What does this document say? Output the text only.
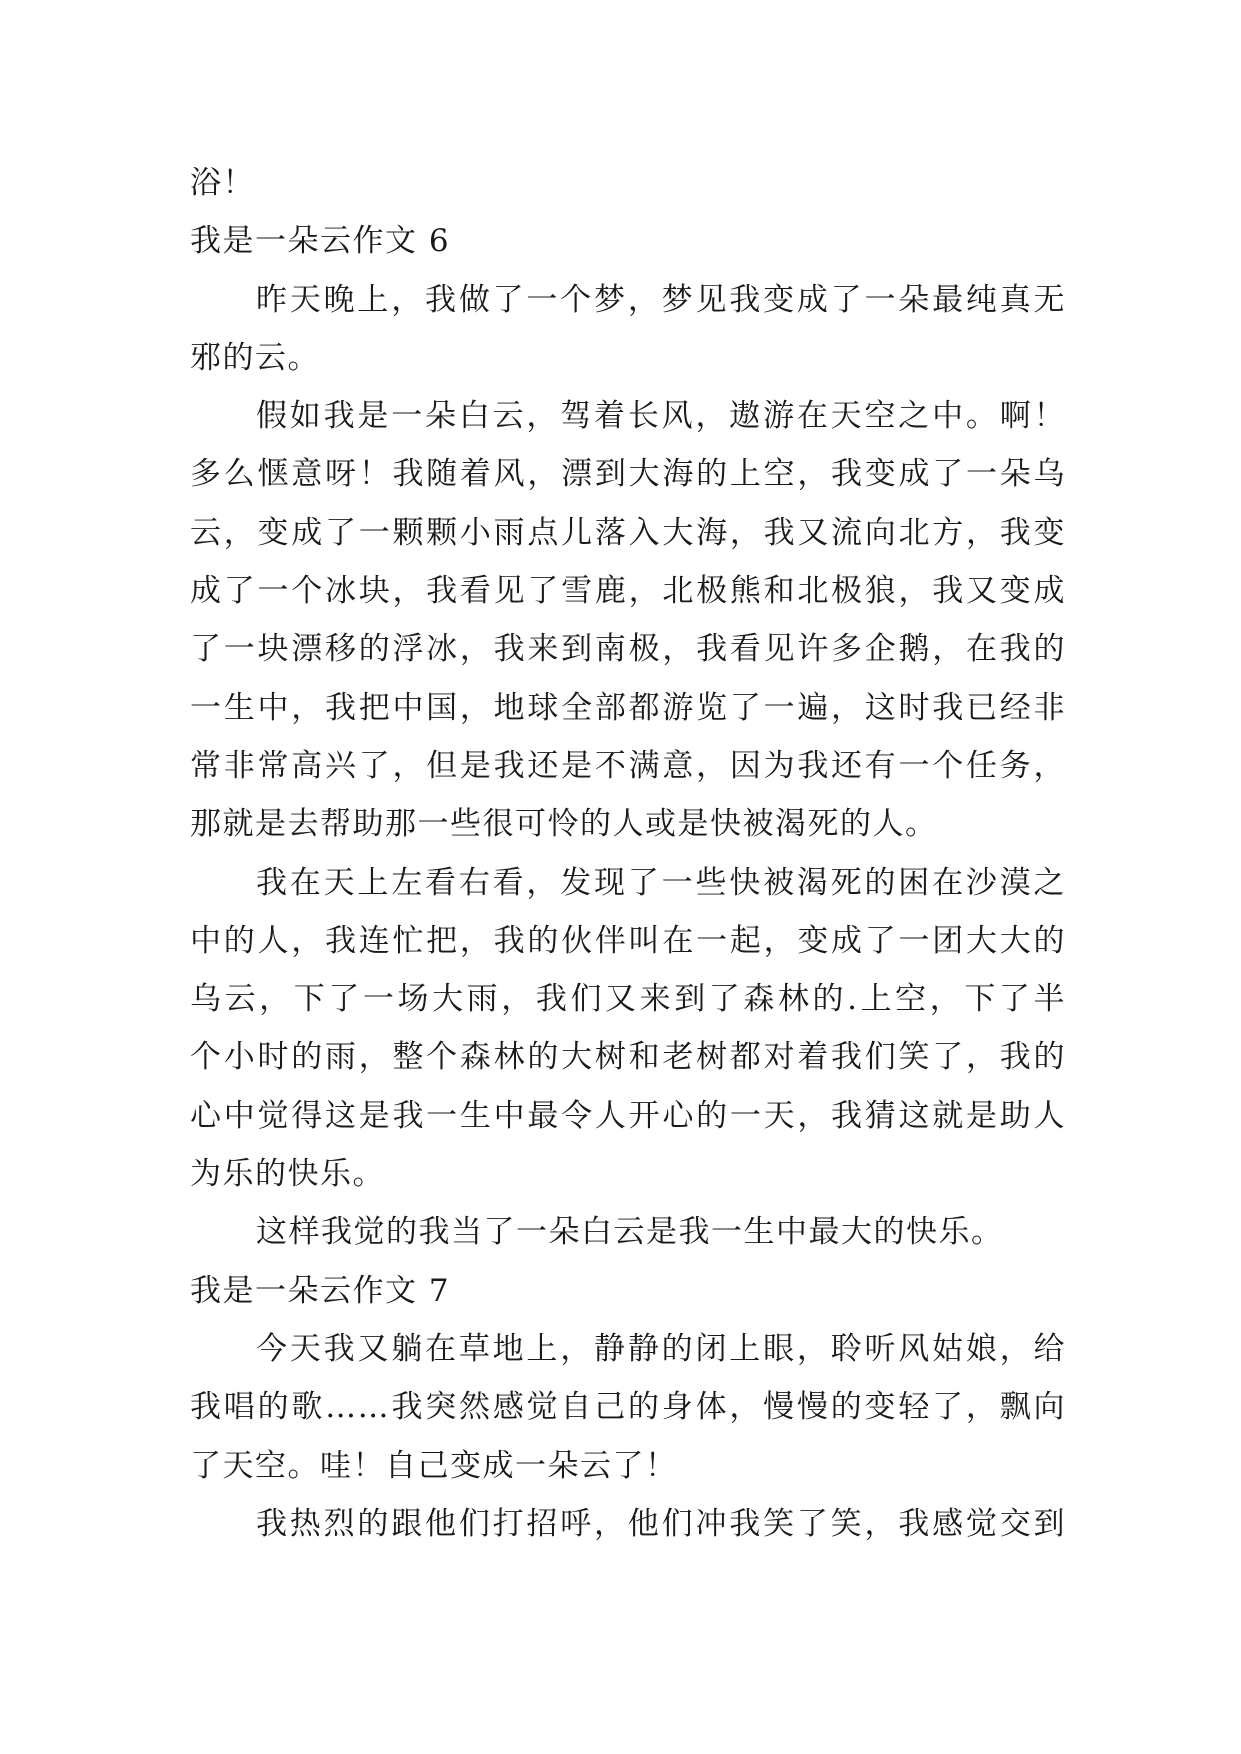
浴！

我是一朵云作文 6

昨天晚上，我做了一个梦，梦见我变成了一朵最纯真无

邪的云。

假如我是一朵白云，驾着长风，遨游在天空之中。啊！

多么惬意呀！我随着风，漂到大海的上空，我变成了一朵乌

云，变成了一颗颗小雨点儿落入大海，我又流向北方，我变

成了一个冰块，我看见了雪鹿，北极熊和北极狼，我又变成

了一块漂移的浮冰，我来到南极，我看见许多企鹅，在我的

一生中，我把中国，地球全部都游览了一遍，这时我已经非

常非常高兴了，但是我还是不满意，因为我还有一个任务，

那就是去帮助那一些很可怜的人或是快被渴死的人。

我在天上左看右看，发现了一些快被渴死的困在沙漠之

中的人，我连忙把，我的伙伴叫在一起，变成了一团大大的

乌云，下了一场大雨，我们又来到了森林的.上空，下了半

个小时的雨，整个森林的大树和老树都对着我们笑了，我的

心中觉得这是我一生中最令人开心的一天，我猜这就是助人

为乐的快乐。

这样我觉的我当了一朵白云是我一生中最大的快乐。

我是一朵云作文 7

今天我又躺在草地上，静静的闭上眼，聆听风姑娘，给

我唱的歌……我突然感觉自己的身体，慢慢的变轻了，飘向

了天空。哇！自己变成一朵云了！

我热烈的跟他们打招呼，他们冲我笑了笑，我感觉交到
